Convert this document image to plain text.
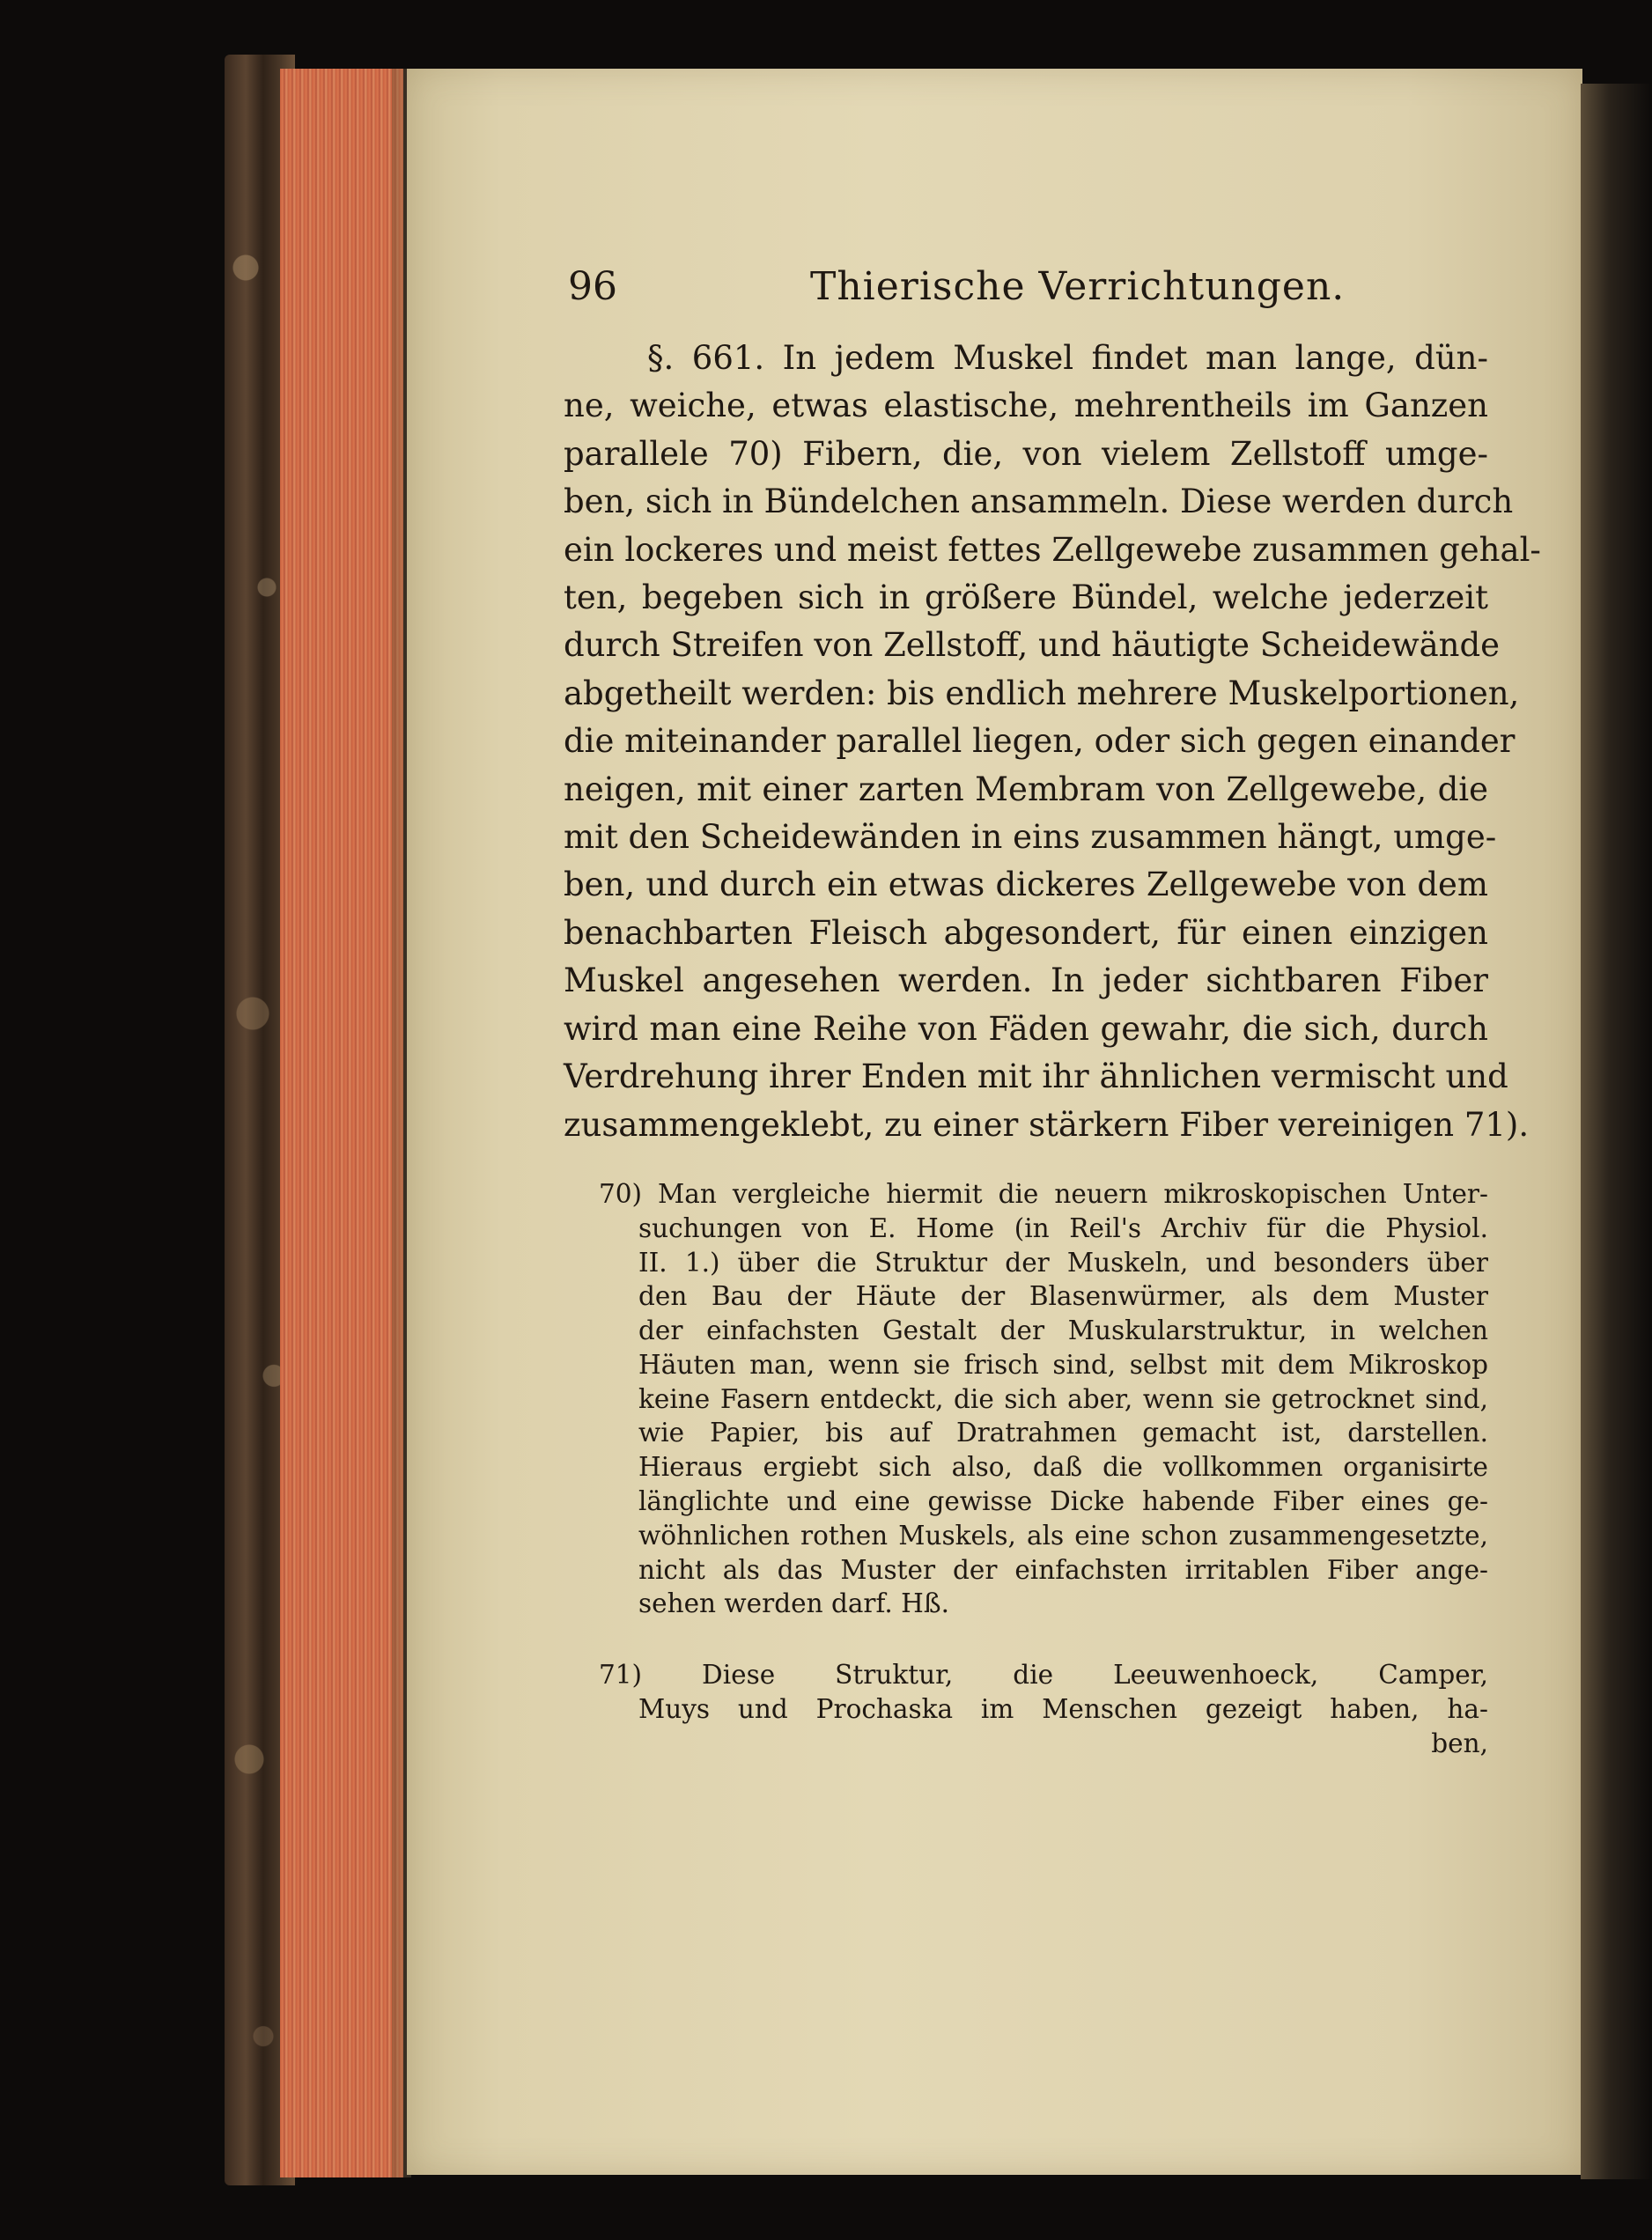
96	Thierische Verrichtungen.

§. 661. In jedem Muskel findet man lange, dün-
ne, weiche, etwas elastische, mehrentheils im Ganzen
parallele 70) Fibern, die, von vielem Zellstoff umge-
ben, sich in Bündelchen ansammeln. Diese werden durch
ein lockeres und meist fettes Zellgewebe zusammen gehal-
ten, begeben sich in größere Bündel, welche jederzeit
durch Streifen von Zellstoff, und häutigte Scheidewände
abgetheilt werden: bis endlich mehrere Muskelportionen,
die miteinander parallel liegen, oder sich gegen einander
neigen, mit einer zarten Membram von Zellgewebe, die
mit den Scheidewänden in eins zusammen hängt, umge-
ben, und durch ein etwas dickeres Zellgewebe von dem
benachbarten Fleisch abgesondert, für einen einzigen
Muskel angesehen werden. In jeder sichtbaren Fiber
wird man eine Reihe von Fäden gewahr, die sich, durch
Verdrehung ihrer Enden mit ihr ähnlichen vermischt und
zusammengeklebt, zu einer stärkern Fiber vereinigen 71).

70) Man vergleiche hiermit die neuern mikroskopischen Unter-
suchungen von E. Home (in Reil's Archiv für die Physiol.
II. 1.) über die Struktur der Muskeln, und besonders über
den Bau der Häute der Blasenwürmer, als dem Muster
der einfachsten Gestalt der Muskularstruktur, in welchen
Häuten man, wenn sie frisch sind, selbst mit dem Mikroskop
keine Fasern entdeckt, die sich aber, wenn sie getrocknet sind,
wie Papier, bis auf Dratrahmen gemacht ist, darstellen.
Hieraus ergiebt sich also, daß die vollkommen organisirte
länglichte und eine gewisse Dicke habende Fiber eines ge-
wöhnlichen rothen Muskels, als eine schon zusammengesetzte,
nicht als das Muster der einfachsten irritablen Fiber ange-
sehen werden darf. Hß.

71) Diese Struktur, die Leeuwenhoeck, Camper,
Muys und Prochaska im Menschen gezeigt haben, ha-
ben,
